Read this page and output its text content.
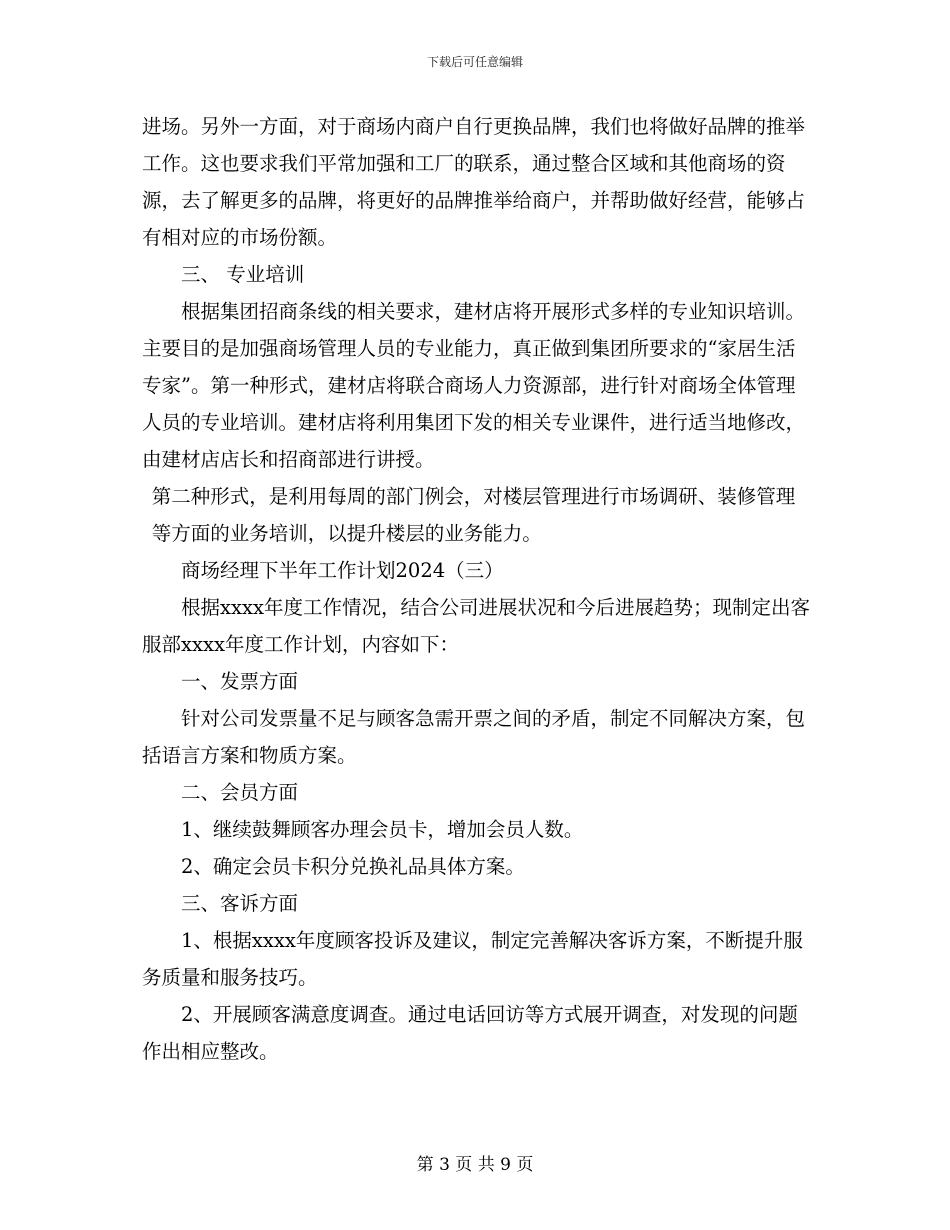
下载后可任意编辑

进场。另外一方面，对于商场内商户自行更换品牌，我们也将做好品牌的推举工作。这也要求我们平常加强和工厂的联系，通过整合区域和其他商场的资源，去了解更多的品牌，将更好的品牌推举给商户，并帮助做好经营，能够占有相对应的市场份额。

三、 专业培训

根据集团招商条线的相关要求，建材店将开展形式多样的专业知识培训。主要目的是加强商场管理人员的专业能力，真正做到集团所要求的“家居生活专家”。第一种形式，建材店将联合商场人力资源部，进行针对商场全体管理人员的专业培训。建材店将利用集团下发的相关专业课件，进行适当地修改，由建材店店长和招商部进行讲授。

第二种形式，是利用每周的部门例会，对楼层管理进行市场调研、装修管理等方面的业务培训，以提升楼层的业务能力。

商场经理下半年工作计划2024（三）

根据xxxx年度工作情况，结合公司进展状况和今后进展趋势；现制定出客服部xxxx年度工作计划，内容如下：

一、发票方面

针对公司发票量不足与顾客急需开票之间的矛盾，制定不同解决方案，包括语言方案和物质方案。

二、会员方面

1、继续鼓舞顾客办理会员卡，增加会员人数。

2、确定会员卡积分兑换礼品具体方案。

三、客诉方面

1、根据xxxx年度顾客投诉及建议，制定完善解决客诉方案，不断提升服务质量和服务技巧。

2、开展顾客满意度调查。通过电话回访等方式展开调查，对发现的问题作出相应整改。

第 3 页 共 9 页
